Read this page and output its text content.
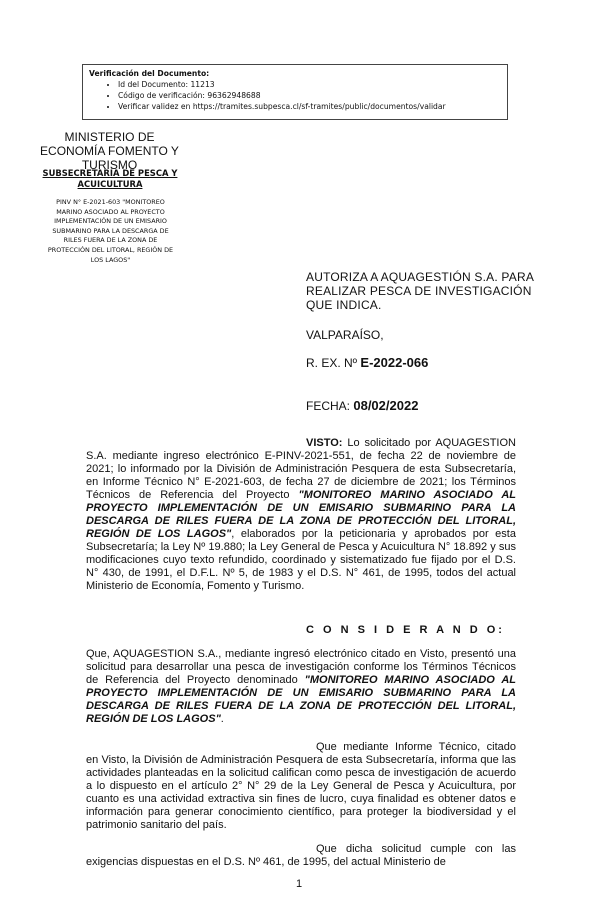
Verificación del Documento:
• Id del Documento: 11213
• Código de verificación: 96362948688
• Verificar validez en https://tramites.subpesca.cl/sf-tramites/public/documentos/validar
MINISTERIO DE ECONOMÍA FOMENTO Y TURISMO
SUBSECRETARÍA DE PESCA Y ACUICULTURA
PINV N° E-2021-603 "MONITOREO MARINO ASOCIADO AL PROYECTO IMPLEMENTACIÓN DE UN EMISARIO SUBMARINO PARA LA DESCARGA DE RILES FUERA DE LA ZONA DE PROTECCIÓN DEL LITORAL, REGIÓN DE LOS LAGOS"
AUTORIZA A AQUAGESTIÓN S.A. PARA REALIZAR PESCA DE INVESTIGACIÓN QUE INDICA.
VALPARAÍSO,
R. EX. Nº E-2022-066
FECHA: 08/02/2022
VISTO: Lo solicitado por AQUAGESTION S.A. mediante ingreso electrónico E-PINV-2021-551, de fecha 22 de noviembre de 2021; lo informado por la División de Administración Pesquera de esta Subsecretaría, en Informe Técnico N° E-2021-603, de fecha 27 de diciembre de 2021; los Términos Técnicos de Referencia del Proyecto "MONITOREO MARINO ASOCIADO AL PROYECTO IMPLEMENTACIÓN DE UN EMISARIO SUBMARINO PARA LA DESCARGA DE RILES FUERA DE LA ZONA DE PROTECCIÓN DEL LITORAL, REGIÓN DE LOS LAGOS", elaborados por la peticionaria y aprobados por esta Subsecretaría; la Ley Nº 19.880; la Ley General de Pesca y Acuicultura N° 18.892 y sus modificaciones cuyo texto refundido, coordinado y sistematizado fue fijado por el D.S. N° 430, de 1991, el D.F.L. Nº 5, de 1983 y el D.S. N° 461, de 1995, todos del actual Ministerio de Economía, Fomento y Turismo.
C O N S I D E R A N D O:
Que, AQUAGESTION S.A., mediante ingresó electrónico citado en Visto, presentó una solicitud para desarrollar una pesca de investigación conforme los Términos Técnicos de Referencia del Proyecto denominado "MONITOREO MARINO ASOCIADO AL PROYECTO IMPLEMENTACIÓN DE UN EMISARIO SUBMARINO PARA LA DESCARGA DE RILES FUERA DE LA ZONA DE PROTECCIÓN DEL LITORAL, REGIÓN DE LOS LAGOS".
Que mediante Informe Técnico, citado en Visto, la División de Administración Pesquera de esta Subsecretaría, informa que las actividades planteadas en la solicitud califican como pesca de investigación de acuerdo a lo dispuesto en el artículo 2° N° 29 de la Ley General de Pesca y Acuicultura, por cuanto es una actividad extractiva sin fines de lucro, cuya finalidad es obtener datos e información para generar conocimiento científico, para proteger la biodiversidad y el patrimonio sanitario del país.
Que dicha solicitud cumple con las exigencias dispuestas en el D.S. Nº 461, de 1995, del actual Ministerio de
1
